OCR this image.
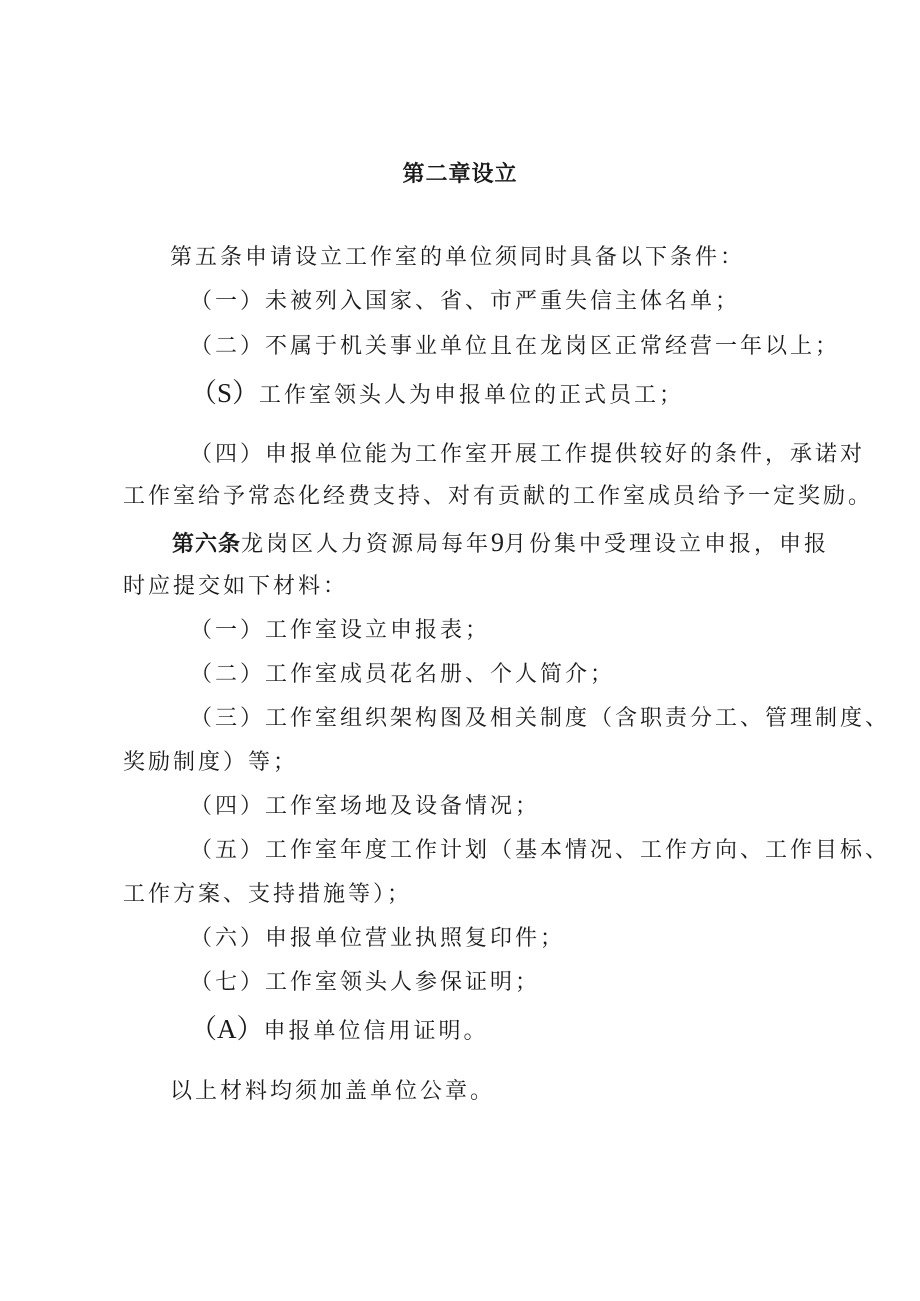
第二章设立
第五条申请设立工作室的单位须同时具备以下条件：
（一）未被列入国家、省、市严重失信主体名单；
（二）不属于机关事业单位且在龙岗区正常经营一年以上；
（S）工作室领头人为申报单位的正式员工；
（四）申报单位能为工作室开展工作提供较好的条件，承诺对
工作室给予常态化经费支持、对有贡献的工作室成员给予一定奖励。
第六条龙岗区人力资源局每年9月份集中受理设立申报，申报
时应提交如下材料：
（一）工作室设立申报表；
（二）工作室成员花名册、个人简介；
（三）工作室组织架构图及相关制度（含职责分工、管理制度、
奖励制度）等；
（四）工作室场地及设备情况；
（五）工作室年度工作计划（基本情况、工作方向、工作目标、
工作方案、支持措施等）；
（六）申报单位营业执照复印件；
（七）工作室领头人参保证明；
（A）申报单位信用证明。
以上材料均须加盖单位公章。
